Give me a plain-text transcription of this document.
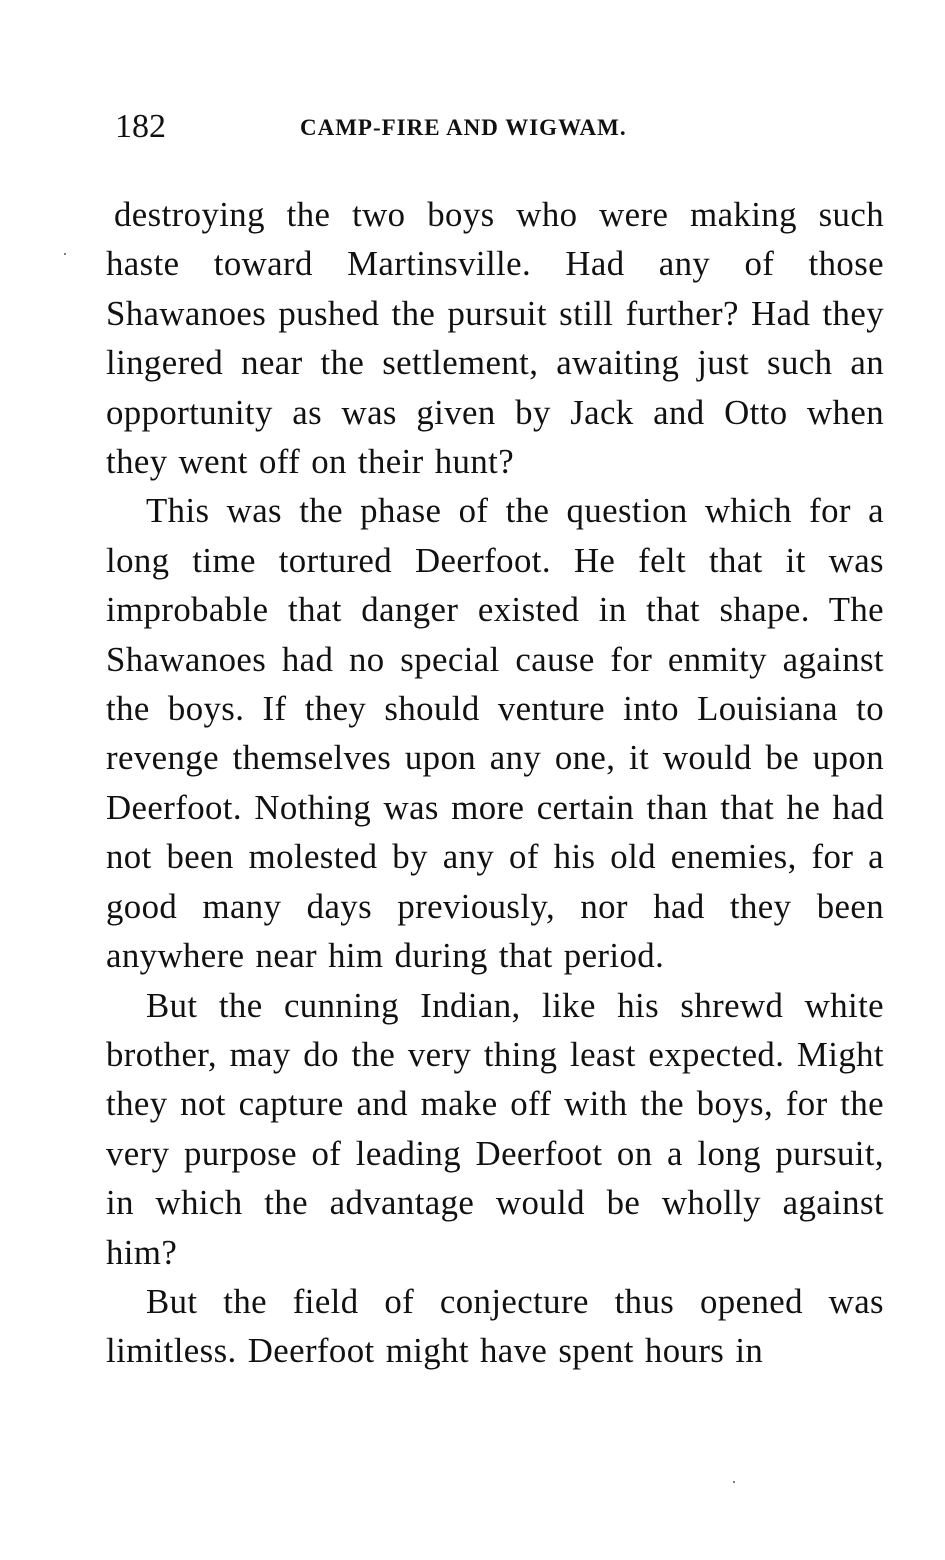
182	CAMP-FIRE AND WIGWAM.

destroying the two boys who were making such haste toward Martinsville. Had any of those Shawanoes pushed the pursuit still further? Had they lingered near the settlement, awaiting just such an opportunity as was given by Jack and Otto when they went off on their hunt?

This was the phase of the question which for a long time tortured Deerfoot. He felt that it was improbable that danger existed in that shape. The Shawanoes had no special cause for enmity against the boys. If they should venture into Louisiana to revenge themselves upon any one, it would be upon Deerfoot. Nothing was more certain than that he had not been molested by any of his old enemies, for a good many days previously, nor had they been anywhere near him during that period.

But the cunning Indian, like his shrewd white brother, may do the very thing least expected. Might they not capture and make off with the boys, for the very purpose of leading Deerfoot on a long pursuit, in which the advantage would be wholly against him?

But the field of conjecture thus opened was limitless. Deerfoot might have spent hours in
